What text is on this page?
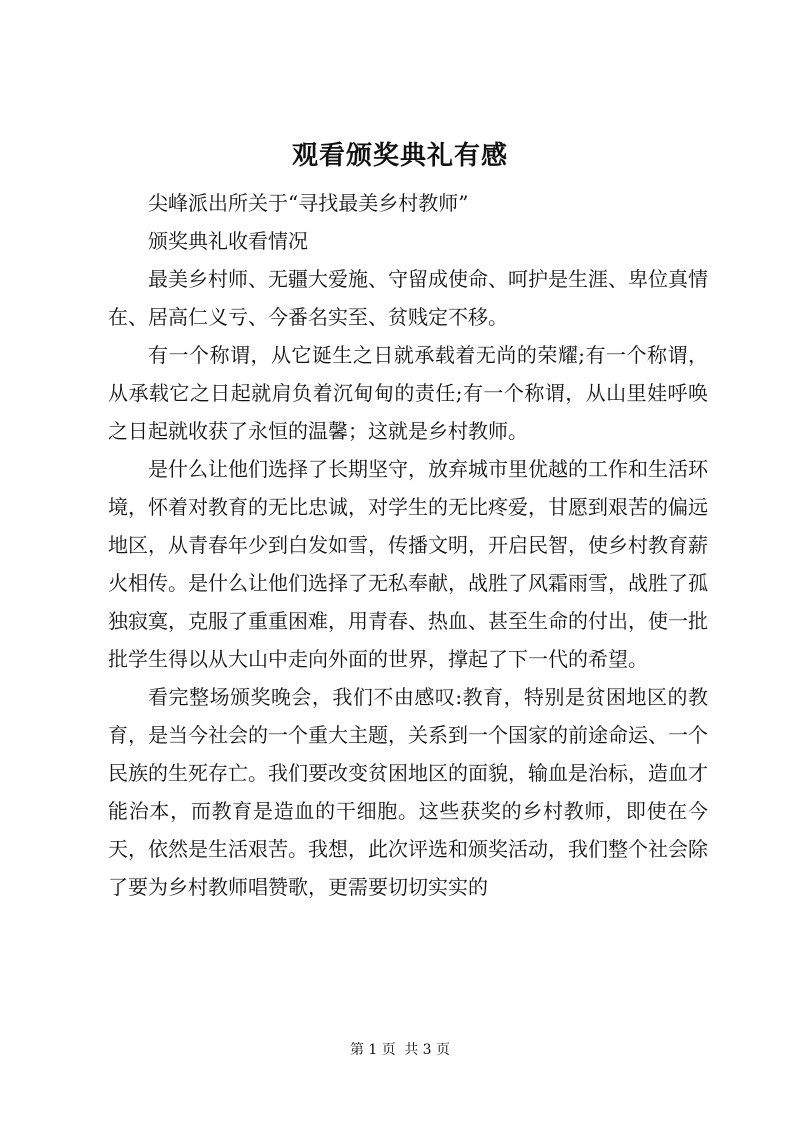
观看颁奖典礼有感

尖峰派出所关于“寻找最美乡村教师”

颁奖典礼收看情况

最美乡村师、无疆大爱施、守留成使命、呵护是生涯、卑位真情在、居高仁义亏、今番名实至、贫贱定不移。

有一个称谓，从它诞生之日就承载着无尚的荣耀;有一个称谓，从承载它之日起就肩负着沉甸甸的责任;有一个称谓，从山里娃呼唤之日起就收获了永恒的温馨；这就是乡村教师。

是什么让他们选择了长期坚守，放弃城市里优越的工作和生活环境，怀着对教育的无比忠诚，对学生的无比疼爱，甘愿到艰苦的偏远地区，从青春年少到白发如雪，传播文明，开启民智，使乡村教育薪火相传。是什么让他们选择了无私奉献，战胜了风霜雨雪，战胜了孤独寂寞，克服了重重困难，用青春、热血、甚至生命的付出，使一批批学生得以从大山中走向外面的世界，撑起了下一代的希望。

看完整场颁奖晚会，我们不由感叹:教育，特别是贫困地区的教育，是当今社会的一个重大主题，关系到一个国家的前途命运、一个民族的生死存亡。我们要改变贫困地区的面貌，输血是治标，造血才能治本，而教育是造血的干细胞。这些获奖的乡村教师，即使在今天，依然是生活艰苦。我想，此次评选和颁奖活动，我们整个社会除了要为乡村教师唱赞歌，更需要切切实实的

第 1 页 共 3 页
